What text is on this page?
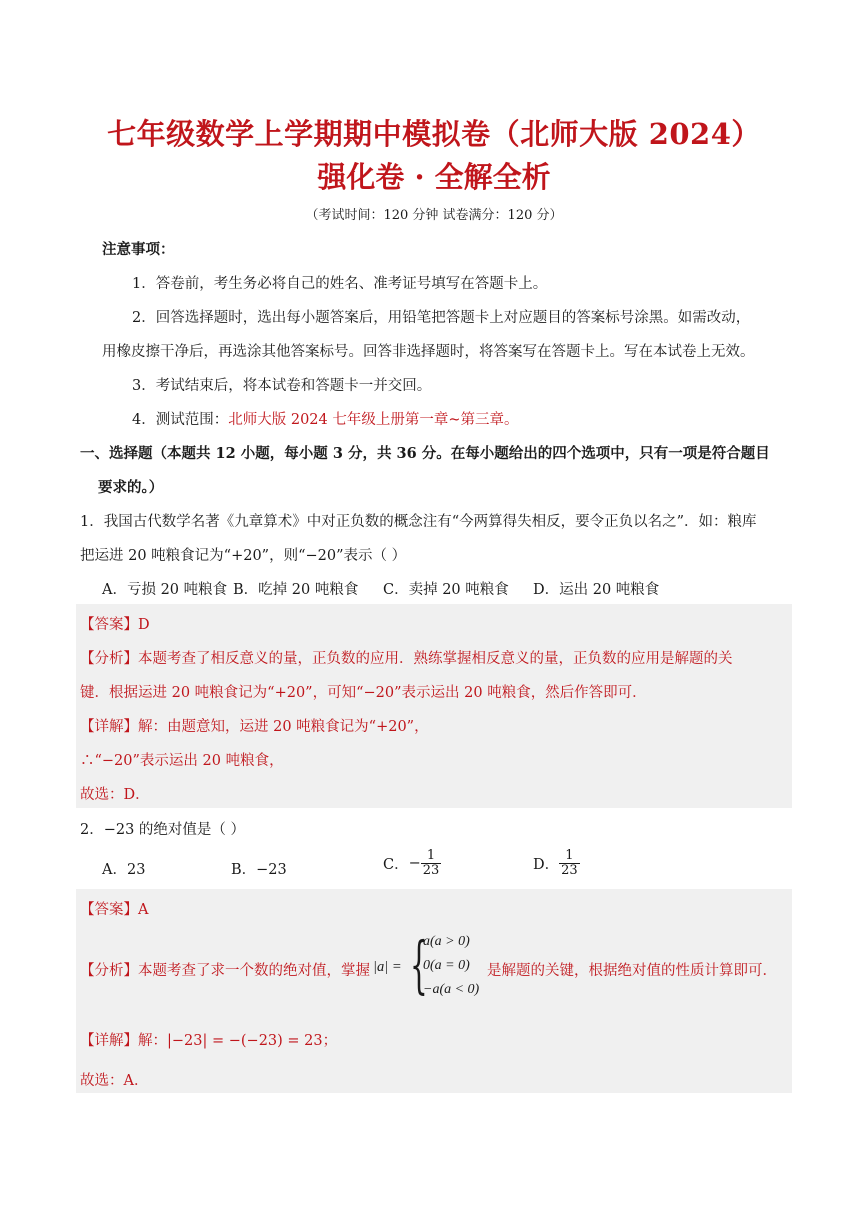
七年级数学上学期期中模拟卷（北师大版 2024）
强化卷 · 全解全析
（考试时间：120 分钟 试卷满分：120 分）
注意事项：
1．答卷前，考生务必将自己的姓名、准考证号填写在答题卡上。
2．回答选择题时，选出每小题答案后，用铅笔把答题卡上对应题目的答案标号涂黑。如需改动，
用橡皮擦干净后，再选涂其他答案标号。回答非选择题时，将答案写在答题卡上。写在本试卷上无效。
3．考试结束后，将本试卷和答题卡一并交回。
4．测试范围：北师大版 2024 七年级上册第一章~第三章。
一、选择题（本题共 12 小题，每小题 3 分，共 36 分。在每小题给出的四个选项中，只有一项是符合题目
要求的。）
1．我国古代数学名著《九章算术》中对正负数的概念注有“今两算得失相反，要令正负以名之”．如：粮库
把运进 20 吨粮食记为“+20”，则“−20”表示（ ）
A．亏损 20 吨粮食 B．吃掉 20 吨粮食 C．卖掉 20 吨粮食 D．运出 20 吨粮食
【答案】D
【分析】本题考查了相反意义的量，正负数的应用．熟练掌握相反意义的量，正负数的应用是解题的关
键．根据运进 20 吨粮食记为“+20”，可知“−20”表示运出 20 吨粮食，然后作答即可．
【详解】解：由题意知，运进 20 吨粮食记为“+20”，
∴“−20”表示运出 20 吨粮食，
故选：D．
2．−23 的绝对值是（ ）
A．23	B．−23	C．− $\frac{1}{23}$	D． $\frac{1}{23}$
【答案】A
【分析】本题考查了求一个数的绝对值，掌握 |a| = {
a(a > 0)
0(a = 0)
−a(a < 0)
是解题的关键，根据绝对值的性质计算即可．
【详解】解：|−23| = −(−23) = 23；
故选：A．
